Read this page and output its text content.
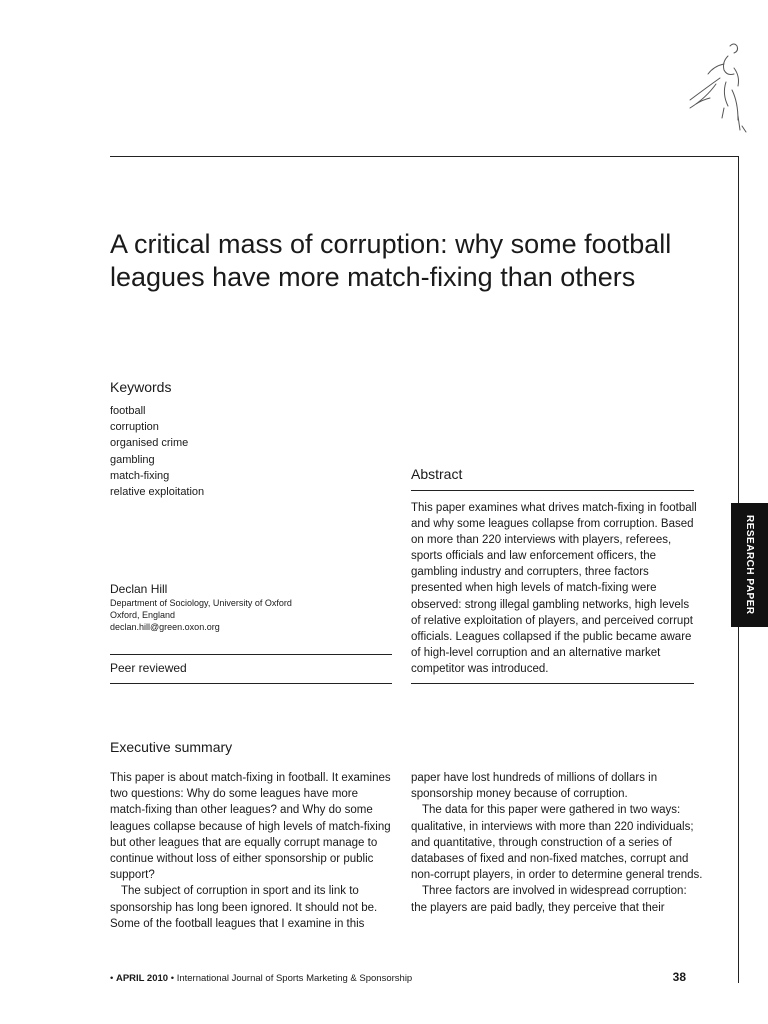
RESEARCH PAPER
A critical mass of corruption: why some football leagues have more match-fixing than others
Keywords
football
corruption
organised crime
gambling
match-fixing
relative exploitation
Declan Hill
Department of Sociology, University of Oxford
Oxford, England
declan.hill@green.oxon.org
Peer reviewed
Abstract

This paper examines what drives match-fixing in football and why some leagues collapse from corruption. Based on more than 220 interviews with players, referees, sports officials and law enforcement officers, the gambling industry and corrupters, three factors presented when high levels of match-fixing were observed: strong illegal gambling networks, high levels of relative exploitation of players, and perceived corrupt officials. Leagues collapsed if the public became aware of high-level corruption and an alternative market competitor was introduced.

Executive summary

This paper is about match-fixing in football. It examines two questions: Why do some leagues have more match-fixing than other leagues? and Why do some leagues collapse because of high levels of match-fixing but other leagues that are equally corrupt manage to continue without loss of either sponsorship or public support?

The subject of corruption in sport and its link to sponsorship has long been ignored. It should not be. Some of the football leagues that I examine in this

paper have lost hundreds of millions of dollars in sponsorship money because of corruption.

The data for this paper were gathered in two ways: qualitative, in interviews with more than 220 individuals; and quantitative, through construction of a series of databases of fixed and non-fixed matches, corrupt and non-corrupt players, in order to determine general trends.

Three factors are involved in widespread corruption: the players are paid badly, they perceive that their

• APRIL 2010 • International Journal of Sports Marketing & Sponsorship	38
